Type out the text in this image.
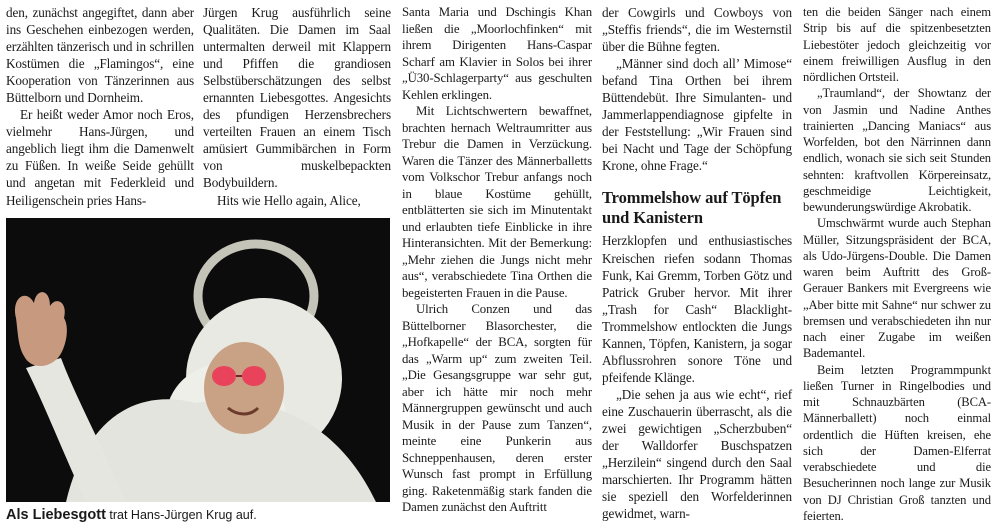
den, zunächst angegiftet, dann aber ins Geschehen einbezogen werden, erzählten tänzerisch und in schrillen Kostümen die „Flamingos“, eine Kooperation von Tänzerinnen aus Büttelborn und Dornheim.

Er heißt weder Amor noch Eros, vielmehr Hans-Jürgen, und angeblich liegt ihm die Damenwelt zu Füßen. In weiße Seide gehüllt und angetan mit Federkleid und Heiligenschein pries Hans-

Jürgen Krug ausführlich seine Qualitäten. Die Damen im Saal untermalten derweil mit Klappern und Pfiffen die grandiosen Selbstüberschätzungen des selbst ernannten Liebesgottes. Angesichts des pfundigen Herzensbrechers verteilten Frauen an einem Tisch amüsiert Gummibärchen in Form von muskelbepackten Bodybuildern.

Hits wie Hello again, Alice,

Als Liebesgott trat Hans-Jürgen Krug auf.

Santa Maria und Dschingis Khan ließen die „Moorlochfinken“ mit ihrem Dirigenten Hans-Caspar Scharf am Klavier in Solos bei ihrer „Ü30-Schlagerparty“ aus geschulten Kehlen erklingen.

Mit Lichtschwertern bewaffnet, brachten hernach Weltraumritter aus Trebur die Damen in Verzückung. Waren die Tänzer des Männerballetts vom Volkschor Trebur anfangs noch in blaue Kostüme gehüllt, entblätterten sie sich im Minutentakt und erlaubten tiefe Einblicke in ihre Hinteransichten. Mit der Bemerkung: „Mehr ziehen die Jungs nicht mehr aus“, verabschiedete Tina Orthen die begeisterten Frauen in die Pause.

Ulrich Conzen und das Büttelborner Blasorchester, die „Hofkapelle“ der BCA, sorgten für das „Warm up“ zum zweiten Teil. „Die Gesangsgruppe war sehr gut, aber ich hätte mir noch mehr Männergruppen gewünscht und auch Musik in der Pause zum Tanzen“, meinte eine Punkerin aus Schneppenhausen, deren erster Wunsch fast prompt in Erfüllung ging. Raketenmäßig stark fanden die Damen zunächst den Auftritt

der Cowgirls und Cowboys von „Steffis friends“, die im Westernstil über die Bühne fegten.

„Männer sind doch all’ Mimose“ befand Tina Orthen bei ihrem Büttendebüt. Ihre Simulanten- und Jammerlappendiagnose gipfelte in der Feststellung: „Wir Frauen sind bei Nacht und Tage der Schöpfung Krone, ohne Frage.“

Trommelshow auf Töpfen und Kanistern

Herzklopfen und enthusiastisches Kreischen riefen sodann Thomas Funk, Kai Gremm, Torben Götz und Patrick Gruber hervor. Mit ihrer „Trash for Cash“ Blacklight-Trommelshow entlockten die Jungs Kannen, Töpfen, Kanistern, ja sogar Abflussrohren sonore Töne und pfeifende Klänge.

„Die sehen ja aus wie echt“, rief eine Zuschauerin überrascht, als die zwei gewichtigen „Scherzbuben“ der Walldorfer Buschspatzen „Herzilein“ singend durch den Saal marschierten. Ihr Programm hätten sie speziell den Worfelderinnen gewidmet, warn-

ten die beiden Sänger nach einem Strip bis auf die spitzenbesetzten Liebestöter jedoch gleichzeitig vor einem freiwilligen Ausflug in den nördlichen Ortsteil.

„Traumland“, der Showtanz der von Jasmin und Nadine Anthes trainierten „Dancing Maniacs“ aus Worfelden, bot den Närrinnen dann endlich, wonach sie sich seit Stunden sehnten: kraftvollen Körpereinsatz, geschmeidige Leichtigkeit, bewunderungswürdige Akrobatik.

Umschwärmt wurde auch Stephan Müller, Sitzungspräsident der BCA, als Udo-Jürgens-Double. Die Damen waren beim Auftritt des Groß-Gerauer Bankers mit Evergreens wie „Aber bitte mit Sahne“ nur schwer zu bremsen und verabschiedeten ihn nur nach einer Zugabe im weißen Bademantel.

Beim letzten Programmpunkt ließen Turner in Ringelbodies und mit Schnauzbärten (BCA-Männerballett) noch einmal ordentlich die Hüften kreisen, ehe sich der Damen-Elferrat verabschiedete und die Besucherinnen noch lange zur Musik von DJ Christian Groß tanzten und feierten.
